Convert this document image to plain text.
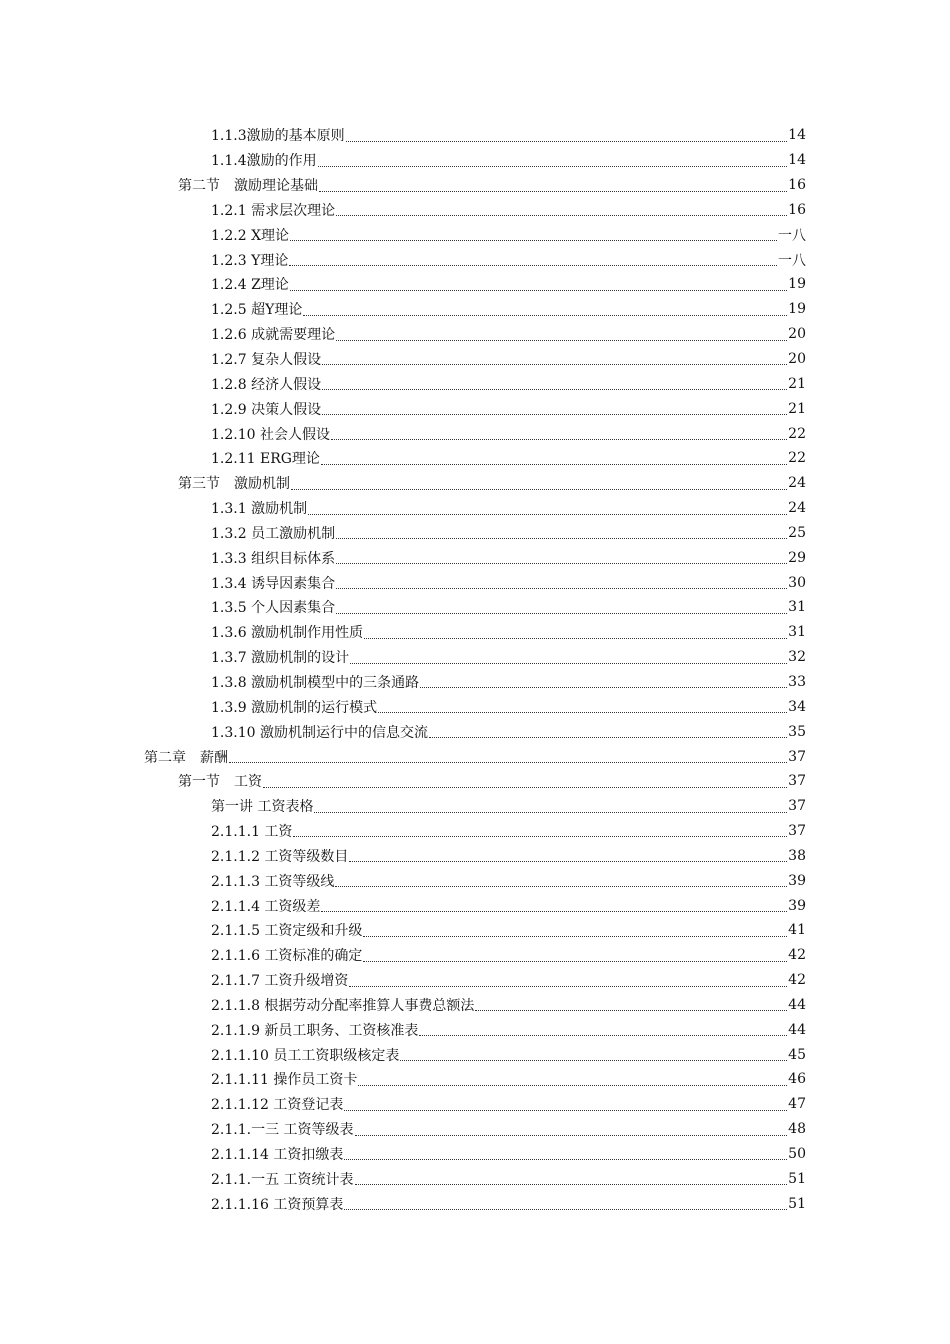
1.1.3激励的基本原则	14
1.1.4激励的作用	14
第二节　激励理论基础	16
1.2.1 需求层次理论	16
1.2.2 X理论	一八
1.2.3 Y理论	一八
1.2.4 Z理论	19
1.2.5 超Y理论	19
1.2.6 成就需要理论	20
1.2.7 复杂人假设	20
1.2.8 经济人假设	21
1.2.9 决策人假设	21
1.2.10 社会人假设	22
1.2.11 ERG理论	22
第三节　激励机制	24
1.3.1 激励机制	24
1.3.2 员工激励机制	25
1.3.3 组织目标体系	29
1.3.4 诱导因素集合	30
1.3.5 个人因素集合	31
1.3.6 激励机制作用性质	31
1.3.7 激励机制的设计	32
1.3.8 激励机制模型中的三条通路	33
1.3.9 激励机制的运行模式	34
1.3.10 激励机制运行中的信息交流	35
第二章　薪酬	37
第一节　工资	37
第一讲 工资表格	37
2.1.1.1 工资	37
2.1.1.2 工资等级数目	38
2.1.1.3 工资等级线	39
2.1.1.4 工资级差	39
2.1.1.5 工资定级和升级	41
2.1.1.6 工资标准的确定	42
2.1.1.7 工资升级增资	42
2.1.1.8 根据劳动分配率推算人事费总额法	44
2.1.1.9 新员工职务、工资核准表	44
2.1.1.10 员工工资职级核定表	45
2.1.1.11 操作员工资卡	46
2.1.1.12 工资登记表	47
2.1.1.一三 工资等级表	48
2.1.1.14 工资扣缴表	50
2.1.1.一五 工资统计表	51
2.1.1.16 工资预算表	51
